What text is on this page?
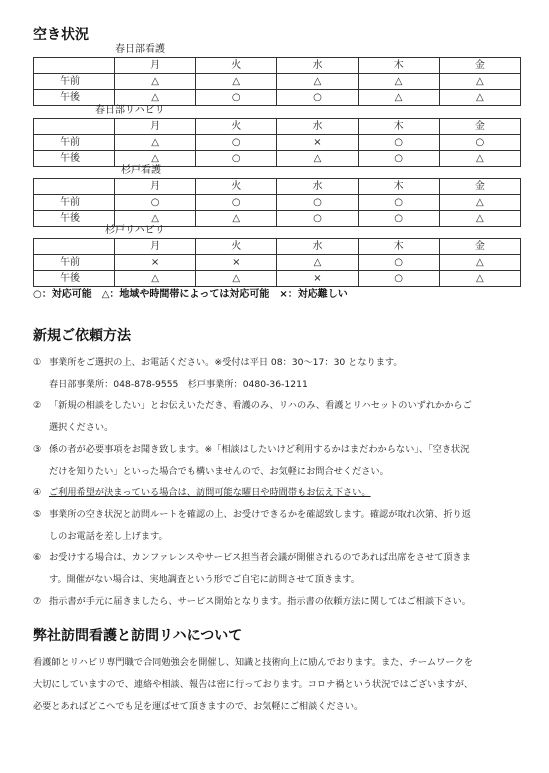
空き状況
春日部看護
	月	火	水	木	金
午前	△	△	△	△	△
午後	△	○	○	△	△
春日部リハビリ
	月	火	水	木	金
午前	△	○	×	○	○
午後	△	○	△	○	△
杉戸看護
	月	火	水	木	金
午前	○	○	○	○	△
午後	△	△	○	○	△
杉戸リハビリ
	月	火	水	木	金
午前	×	×	△	○	△
午後	△	△	×	○	△
○：対応可能　△：地域や時間帯によっては対応可能　×：対応難しい
新規ご依頼方法
① 事業所をご選択の上、お電話ください。※受付は平日 08：30～17：30 となります。

春日部事業所：048-878-9555　杉戸事業所：0480-36-1211

② 「新規の相談をしたい」とお伝えいただき、看護のみ、リハのみ、看護とリハセットのいずれかからご

選択ください。

③ 係の者が必要事項をお聞き致します。※「相談はしたいけど利用するかはまだわからない」、「空き状況

だけを知りたい」といった場合でも構いませんので、お気軽にお問合せください。

④ ご利用希望が決まっている場合は、訪問可能な曜日や時間帯もお伝え下さい。

⑤ 事業所の空き状況と訪問ルートを確認の上、お受けできるかを確認致します。確認が取れ次第、折り返

しのお電話を差し上げます。

⑥ お受けする場合は、カンファレンスやサービス担当者会議が開催されるのであれば出席をさせて頂きま

す。開催がない場合は、実地調査という形でご自宅に訪問させて頂きます。

⑦ 指示書が手元に届きましたら、サービス開始となります。指示書の依頼方法に関してはご相談下さい。

弊社訪問看護と訪問リハについて

看護師とリハビリ専門職で合同勉強会を開催し、知識と技術向上に励んでおります。また、チームワークを
大切にしていますので、連絡や相談、報告は密に行っております。コロナ禍という状況ではございますが、
必要とあればどこへでも足を運ばせて頂きますので、お気軽にご相談ください。
